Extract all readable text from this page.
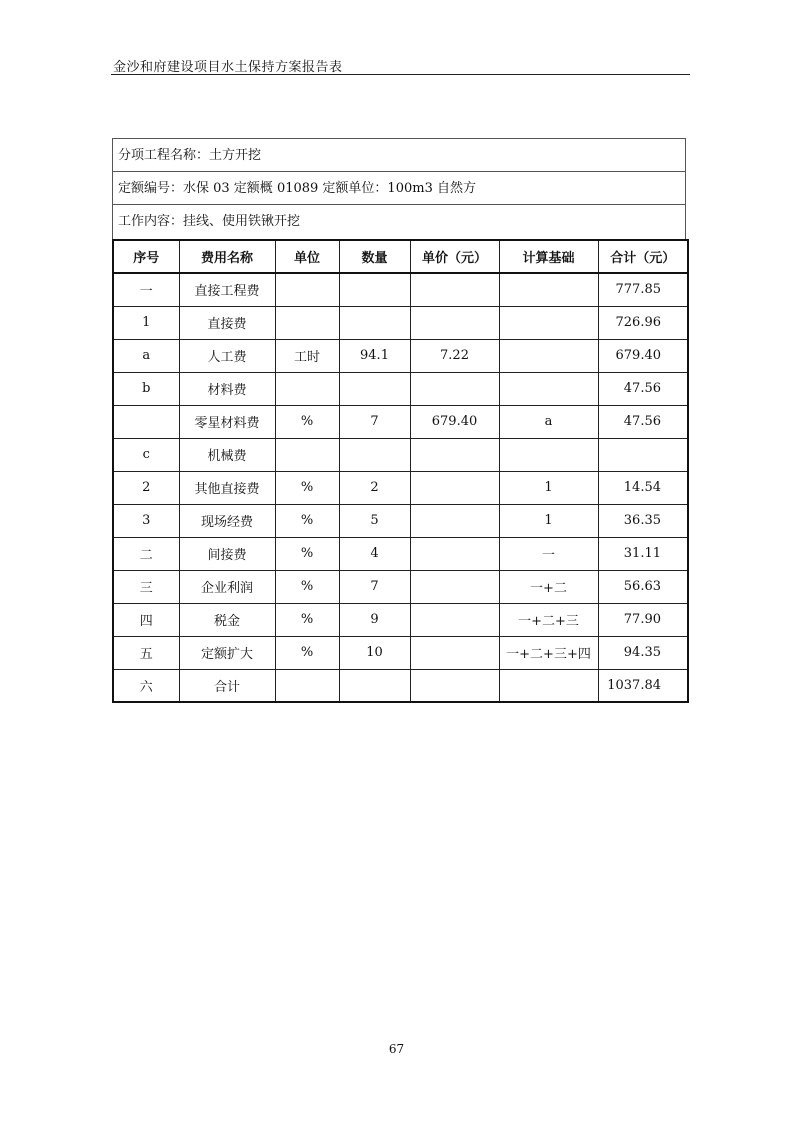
金沙和府建设项目水土保持方案报告表
分项工程名称：土方开挖
定额编号：水保 03 定额概 01089 定额单位：100m3 自然方
工作内容：挂线、使用铁锹开挖
序号	费用名称	单位	数量	单价（元）	计算基础	合计（元）
一	直接工程费					777.85
1	直接费					726.96
a	人工费	工时	94.1	7.22		679.40
b	材料费					47.56
	零星材料费	%	7	679.40	a	47.56
c	机械费					
2	其他直接费	%	2		1	14.54
3	现场经费	%	5		1	36.35
二	间接费	%	4		一	31.11
三	企业利润	%	7		一+二	56.63
四	税金	%	9		一+二+三	77.90
五	定额扩大	%	10		一+二+三+四	94.35
六	合计					1037.84
67
